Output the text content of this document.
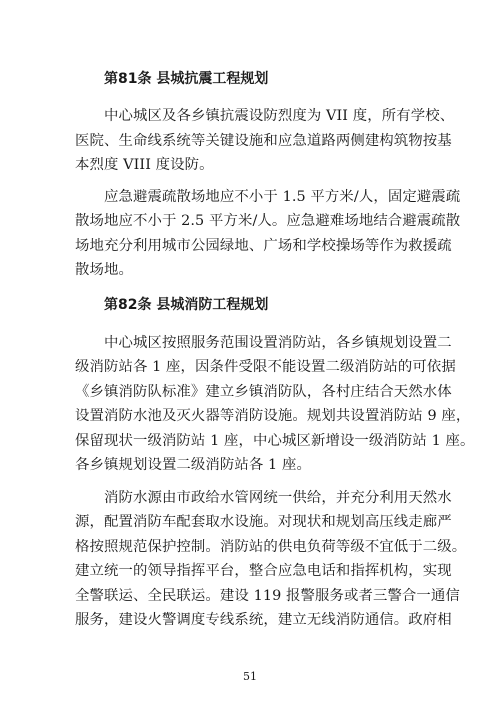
第81条 县城抗震工程规划
中心城区及各乡镇抗震设防烈度为 VII 度，所有学校、
医院、生命线系统等关键设施和应急道路两侧建构筑物按基
本烈度 VIII 度设防。
应急避震疏散场地应不小于 1.5 平方米/人，固定避震疏
散场地应不小于 2.5 平方米/人。应急避难场地结合避震疏散
场地充分利用城市公园绿地、广场和学校操场等作为救援疏
散场地。
第82条 县城消防工程规划
中心城区按照服务范围设置消防站，各乡镇规划设置二
级消防站各 1 座，因条件受限不能设置二级消防站的可依据
《乡镇消防队标准》建立乡镇消防队，各村庄结合天然水体
设置消防水池及灭火器等消防设施。规划共设置消防站 9 座，
保留现状一级消防站 1 座，中心城区新增设一级消防站 1 座。
各乡镇规划设置二级消防站各 1 座。
消防水源由市政给水管网统一供给，并充分利用天然水
源，配置消防车配套取水设施。对现状和规划高压线走廊严
格按照规范保护控制。消防站的供电负荷等级不宜低于二级。
建立统一的领导指挥平台，整合应急电话和指挥机构，实现
全警联运、全民联运。建设 119 报警服务或者三警合一通信
服务，建设火警调度专线系统，建立无线消防通信。政府相
51
